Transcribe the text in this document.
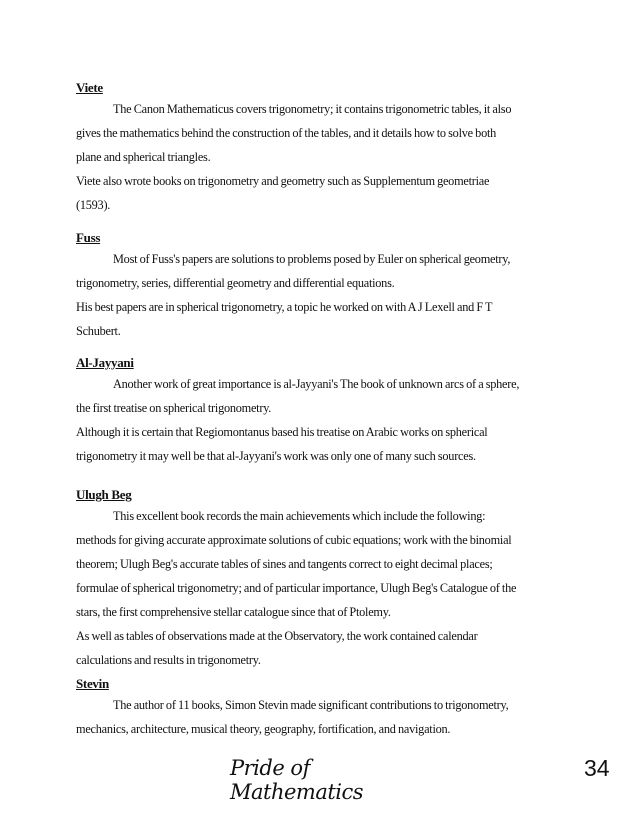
Viete

The Canon Mathematicus covers trigonometry; it contains trigonometric tables, it also
gives the mathematics behind the construction of the tables, and it details how to solve both
plane and spherical triangles.
Viete also wrote books on trigonometry and geometry such as Supplementum geometriae
(1593).

Fuss

Most of Fuss's papers are solutions to problems posed by Euler on spherical geometry,
trigonometry, series, differential geometry and differential equations.
His best papers are in spherical trigonometry, a topic he worked on with A J Lexell and F T
Schubert.

Al-Jayyani

Another work of great importance is al-Jayyani's The book of unknown arcs of a sphere,
the first treatise on spherical trigonometry.
Although it is certain that Regiomontanus based his treatise on Arabic works on spherical
trigonometry it may well be that al-Jayyani's work was only one of many such sources.

Ulugh Beg

This excellent book records the main achievements which include the following:
methods for giving accurate approximate solutions of cubic equations; work with the binomial
theorem; Ulugh Beg's accurate tables of sines and tangents correct to eight decimal places;
formulae of spherical trigonometry; and of particular importance, Ulugh Beg's Catalogue of the
stars, the first comprehensive stellar catalogue since that of Ptolemy.
As well as tables of observations made at the Observatory, the work contained calendar
calculations and results in trigonometry.

Stevin

The author of 11 books, Simon Stevin made significant contributions to trigonometry,
mechanics, architecture, musical theory, geography, fortification, and navigation.
Pride of Mathematics
34
